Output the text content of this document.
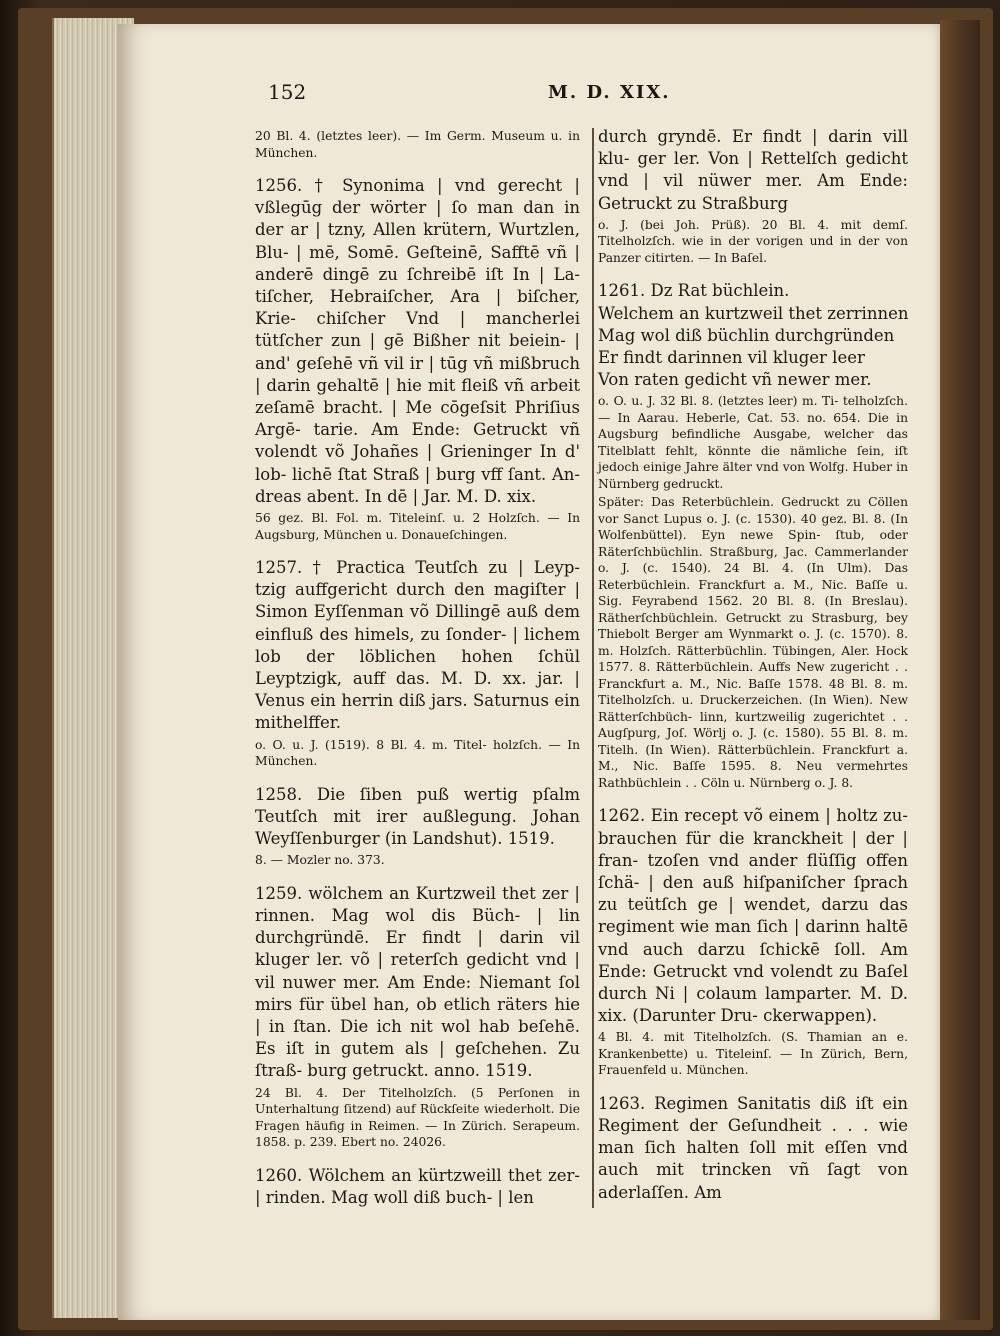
152	M. D. XIX.
20 Bl. 4. (letztes leer). — Im Germ. Museum u. in München.
1256. † Synonima | vnd gerecht | vßlegūg der wörter | ſo man dan in der ar | tzny, Allen krütern, Wurtzlen, Blu- | mē, Somē. Geſteinē, Safftē vñ | anderē dingē zu ſchreibē iſt In | La- tiſcher, Hebraiſcher, Ara | biſcher, Krie- chiſcher Vnd | mancherlei tütſcher zun | gē Bißher nit beiein- | and' geſehē vñ vil ir | tūg vñ mißbruch | darin gehaltē | hie mit fleiß vñ arbeit zeſamē bracht. | Me cōgeſsit Phriſius Argē- tarie. Am Ende: Getruckt vñ volendt võ Johañes | Grieninger In d' lob- lichē ſtat Straß | burg vff ſant. An- dreas abent. In dē | Jar. M. D. xix.
56 gez. Bl. Fol. m. Titeleinſ. u. 2 Holzſch. — In Augsburg, München u. Donaueſchingen.
1257. † Practica Teutſch zu | Leyp- tzig auffgericht durch den magiſter | Simon Eyſſenman võ Dillingē auß dem einfluß des himels, zu ſonder- | lichem lob der löblichen hohen ſchül Leyptzigk, auff das. M. D. xx. jar. | Venus ein herrin diß jars. Saturnus ein mithelffer.
o. O. u. J. (1519). 8 Bl. 4. m. Titel- holzſch. — In München.
1258. Die ſiben puß wertig pſalm Teutſch mit irer außlegung. Johan Weyſſenburger (in Landshut). 1519.
8. — Mozler no. 373.
1259. wölchem an Kurtzweil thet zer | rinnen. Mag wol dis Büch- | lin durchgründē. Er findt | darin vil kluger ler. võ | reterſch gedicht vnd | vil nuwer mer. Am Ende: Niemant ſol mirs für übel han, ob etlich räters hie | in ſtan. Die ich nit wol hab beſehē. Es iſt in gutem als | geſchehen. Zu ſtraß- burg getruckt. anno. 1519.
24 Bl. 4. Der Titelholzſch. (5 Perſonen in Unterhaltung ſitzend) auf Rückſeite wiederholt. Die Fragen häufig in Reimen. — In Zürich. Serapeum. 1858. p. 239. Ebert no. 24026.
1260. Wölchem an kürtzweill thet zer- | rinden. Mag woll diß buch- | len
durch gryndē. Er findt | darin vill klu- ger ler. Von | Rettelſch gedicht vnd | vil nüwer mer. Am Ende: Getruckt zu Straßburg
o. J. (bei Joh. Prüß). 20 Bl. 4. mit demſ. Titelholzſch. wie in der vorigen und in der von Panzer citirten. — In Baſel.
1261. Dz Rat büchlein.
Welchem an kurtzweil thet zerrinnen
Mag wol diß büchlin durchgründen
Er findt darinnen vil kluger leer
Von raten gedicht vñ newer mer.
o. O. u. J. 32 Bl. 8. (letztes leer) m. Ti- telholzſch. — In Aarau. Heberle, Cat. 53. no. 654. Die in Augsburg befindliche Ausgabe, welcher das Titelblatt fehlt, könnte die nämliche ſein, iſt jedoch einige Jahre älter vnd von Wolfg. Huber in Nürnberg gedruckt.
Später: Das Reterbüchlein. Gedruckt zu Cöllen vor Sanct Lupus o. J. (c. 1530). 40 gez. Bl. 8. (In Wolfenbüttel). Eyn newe Spin- ſtub, oder Räterſchbüchlin. Straßburg, Jac. Cammerlander o. J. (c. 1540). 24 Bl. 4. (In Ulm). Das Reterbüchlein. Franckfurt a. M., Nic. Baſſe u. Sig. Feyrabend 1562. 20 Bl. 8. (In Breslau). Rätherſchbüchlein. Getruckt zu Strasburg, bey Thiebolt Berger am Wynmarkt o. J. (c. 1570). 8. m. Holzſch. Rätterbüchlin. Tübingen, Aler. Hock 1577. 8. Rätterbüchlein. Auffs New zugericht . . Franckfurt a. M., Nic. Baſſe 1578. 48 Bl. 8. m. Titelholzſch. u. Druckerzeichen. (In Wien). New Rätterſchbüch- linn, kurtzweilig zugerichtet . . Augſpurg, Joſ. Wörlj o. J. (c. 1580). 55 Bl. 8. m. Titelh. (In Wien). Rätterbüchlein. Franckfurt a. M., Nic. Baſſe 1595. 8. Neu vermehrtes Rathbüchlein . . Cöln u. Nürnberg o. J. 8.
1262. Ein recept võ einem | holtz zu- brauchen für die kranckheit | der | fran- tzoſen vnd ander flüſſig offen ſchä- | den auß hiſpaniſcher ſprach zu teütſch ge | wendet, darzu das regiment wie man ſich | darinn haltē vnd auch darzu ſchickē ſoll. Am Ende: Getruckt vnd volendt zu Baſel durch Ni | colaum lamparter. M. D. xix. (Darunter Dru- ckerwappen).
4 Bl. 4. mit Titelholzſch. (S. Thamian an e. Krankenbette) u. Titeleinſ. — In Zürich, Bern, Frauenfeld u. München.
1263. Regimen Sanitatis diß iſt ein Regiment der Geſundheit . . . wie man ſich halten ſoll mit eſſen vnd auch mit trincken vñ ſagt von aderlaſſen. Am
